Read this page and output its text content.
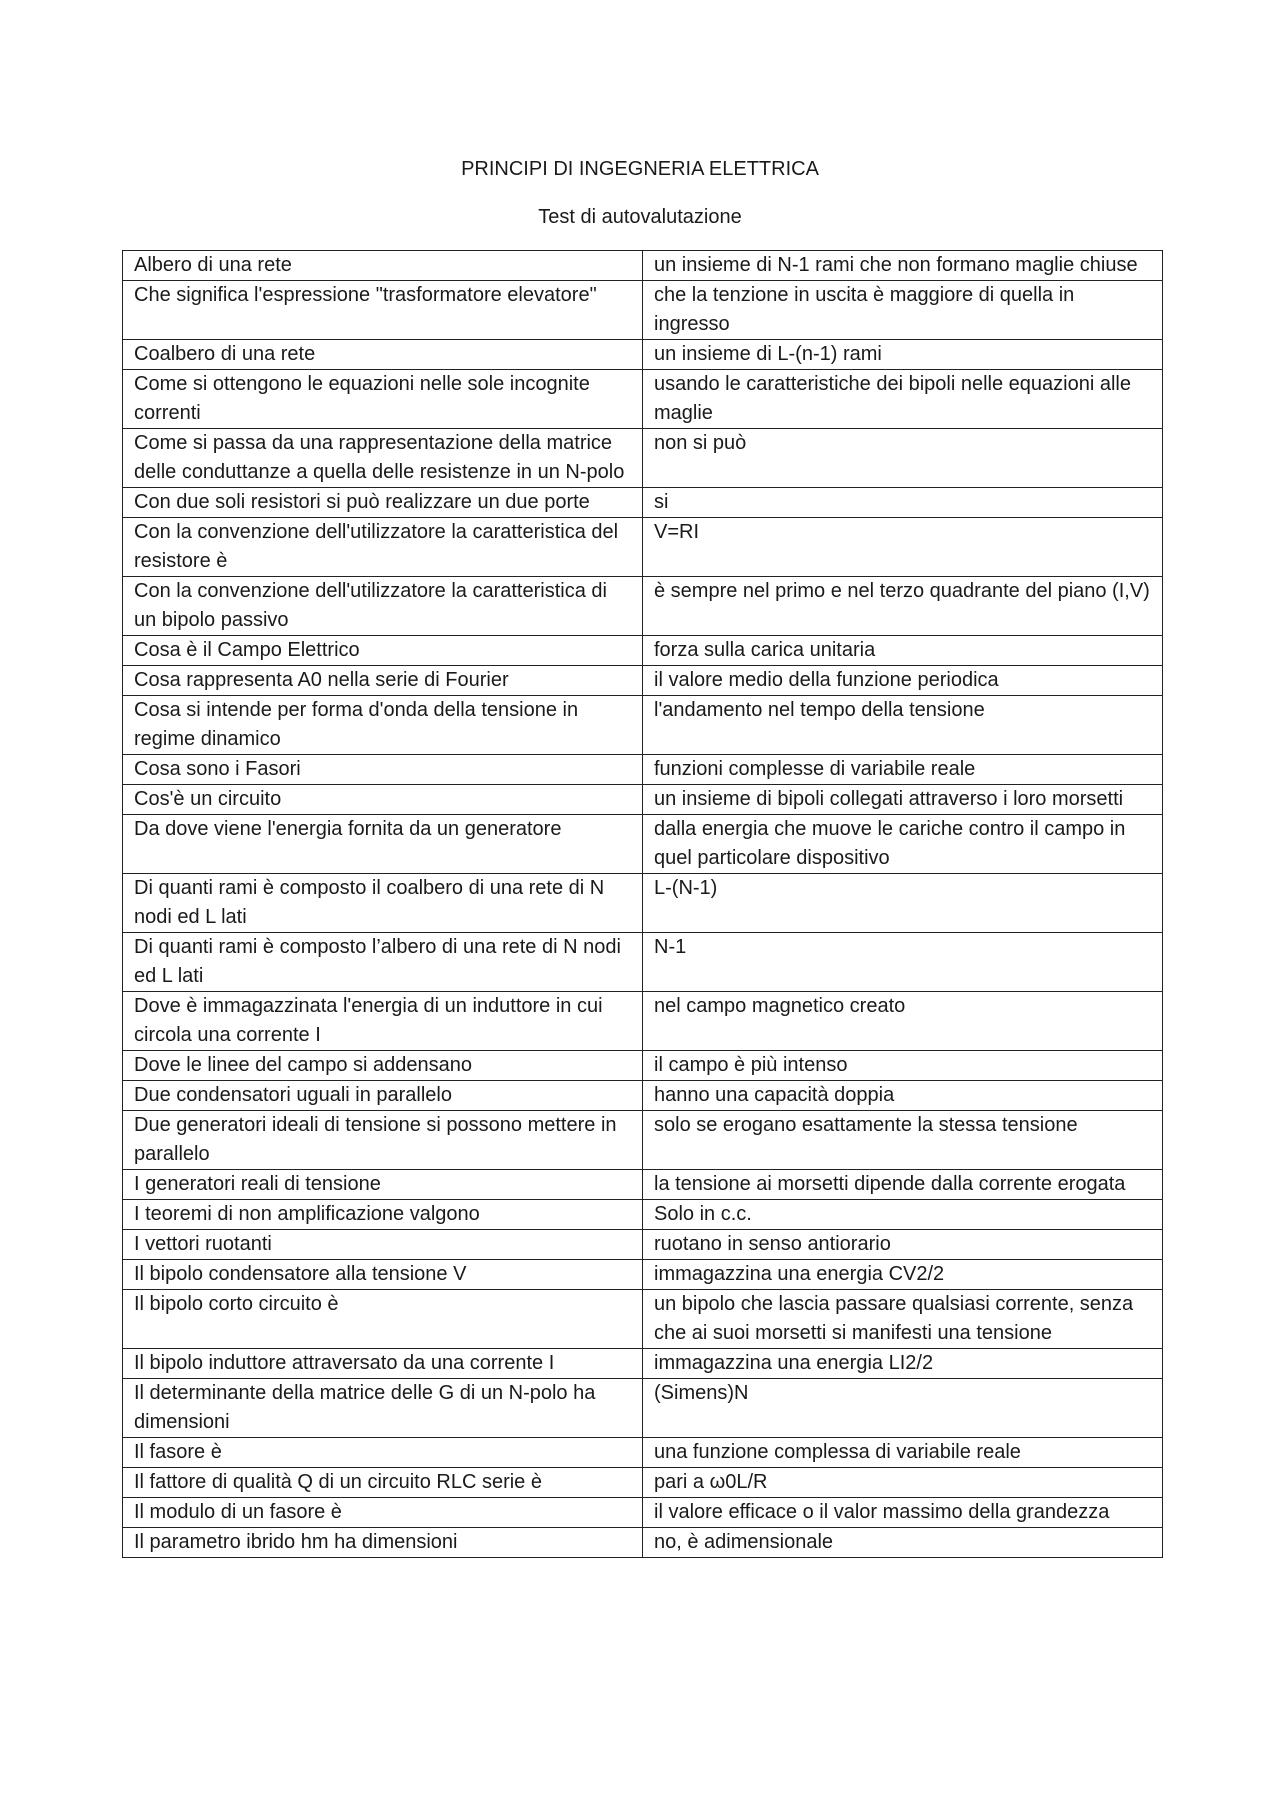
PRINCIPI DI INGEGNERIA ELETTRICA
Test di autovalutazione
Albero di una rete	un insieme di N-1 rami che non formano maglie chiuse
Che significa l'espressione "trasformatore elevatore"	che la tenzione in uscita è maggiore di quella in ingresso
Coalbero di una rete	un insieme di L-(n-1) rami
Come si ottengono le equazioni nelle sole incognite correnti	usando le caratteristiche dei bipoli nelle equazioni alle maglie
Come si passa da una rappresentazione della matrice delle conduttanze a quella delle resistenze in un N-polo	non si può
Con due soli resistori si può realizzare un due porte	si
Con la convenzione dell'utilizzatore la caratteristica del resistore è	V=RI
Con la convenzione dell'utilizzatore la caratteristica di un bipolo passivo	è sempre nel primo e nel terzo quadrante del piano (I,V)
Cosa è il Campo Elettrico	forza sulla carica unitaria
Cosa rappresenta A0 nella serie di Fourier	il valore medio della funzione periodica
Cosa si intende per forma d'onda della tensione in regime dinamico	l'andamento nel tempo della tensione
Cosa sono i Fasori	funzioni complesse di variabile reale
Cos'è un circuito	un insieme di bipoli collegati attraverso i loro morsetti
Da dove viene l'energia fornita da un generatore	dalla energia che muove le cariche contro il campo in quel particolare dispositivo
Di quanti rami è composto il coalbero di una rete di N nodi ed L lati	L-(N-1)
Di quanti rami è composto l’albero di una rete di N nodi ed L lati	N-1
Dove è immagazzinata l'energia di un induttore in cui circola una corrente I	nel campo magnetico creato
Dove le linee del campo si addensano	il campo è più intenso
Due condensatori uguali in parallelo	hanno una capacità doppia
Due generatori ideali di tensione si possono mettere in parallelo	solo se erogano esattamente la stessa tensione
I generatori reali di tensione	la tensione ai morsetti dipende dalla corrente erogata
I teoremi di non amplificazione valgono	Solo in c.c.
I vettori ruotanti	ruotano in senso antiorario
Il bipolo condensatore alla tensione V	immagazzina una energia CV2/2
Il bipolo corto circuito è	un bipolo che lascia passare qualsiasi corrente, senza che ai suoi morsetti si manifesti una tensione
Il bipolo induttore attraversato da una corrente I	immagazzina una energia LI2/2
Il determinante della matrice delle G di un N-polo ha dimensioni	(Simens)N
Il fasore è	una funzione complessa di variabile reale
Il fattore di qualità Q di un circuito RLC serie è	pari a ω0L/R
Il modulo di un fasore è	il valore efficace o il valor massimo della grandezza
Il parametro ibrido hm ha dimensioni	no, è adimensionale
